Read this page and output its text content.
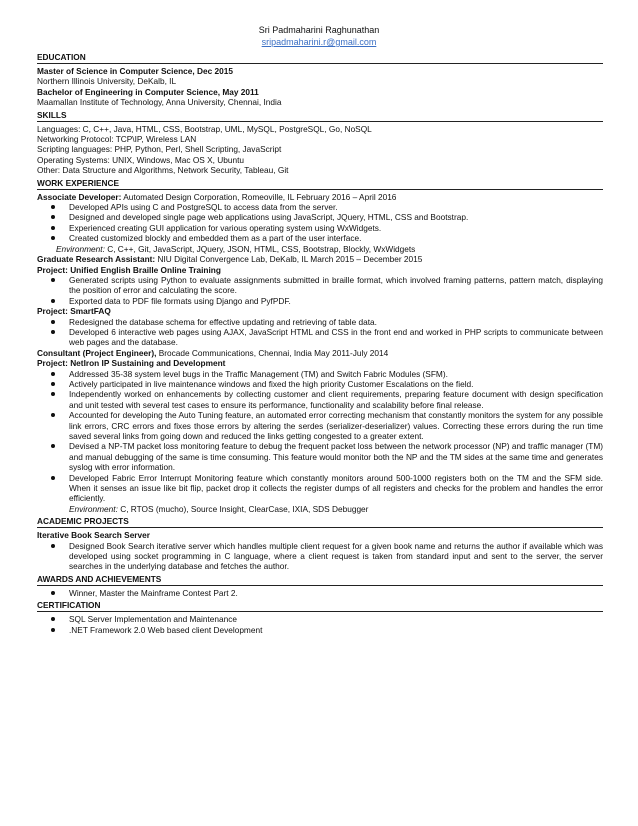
Sri Padmaharini Raghunathan
sripadmaharini.r@gmail.com
EDUCATION
Master of Science in Computer Science, Dec 2015
Northern Illinois University, DeKalb, IL
Bachelor of Engineering in Computer Science, May 2011
Maamallan Institute of Technology, Anna University, Chennai, India
SKILLS
Languages: C, C++, Java, HTML, CSS, Bootstrap, UML, MySQL, PostgreSQL, Go, NoSQL
Networking Protocol: TCP\IP, Wireless LAN
Scripting languages: PHP, Python, Perl, Shell Scripting, JavaScript
Operating Systems: UNIX, Windows, Mac OS X, Ubuntu
Other: Data Structure and Algorithms, Network Security, Tableau, Git
WORK EXPERIENCE
Associate Developer: Automated Design Corporation, Romeoville, IL February 2016 – April 2016
Developed APIs using C and PostgreSQL to access data from the server.
Designed and developed single page web applications using JavaScript, JQuery, HTML, CSS and Bootstrap.
Experienced creating GUI application for various operating system using WxWidgets.
Created customized blockly and embedded them as a part of the user interface.
Environment: C, C++, Git, JavaScript, JQuery, JSON, HTML, CSS, Bootstrap, Blockly, WxWidgets
Graduate Research Assistant: NIU Digital Convergence Lab, DeKalb, IL March 2015 – December 2015
Project: Unified English Braille Online Training
Generated scripts using Python to evaluate assignments submitted in braille format, which involved framing patterns, pattern match, displaying the position of error and calculating the score.
Exported data to PDF file formats using Django and PyfPDF.
Project: SmartFAQ
Redesigned the database schema for effective updating and retrieving of table data.
Developed 6 interactive web pages using AJAX, JavaScript HTML and CSS in the front end and worked in PHP scripts to communicate between web pages and the database.
Consultant (Project Engineer), Brocade Communications, Chennai, India May 2011-July 2014
Project: NetIron IP Sustaining and Development
Addressed 35-38 system level bugs in the Traffic Management (TM) and Switch Fabric Modules (SFM).
Actively participated in live maintenance windows and fixed the high priority Customer Escalations on the field.
Independently worked on enhancements by collecting customer and client requirements, preparing feature document with design specification and unit tested with several test cases to ensure its performance, functionality and scalability before final release.
Accounted for developing the Auto Tuning feature, an automated error correcting mechanism that constantly monitors the system for any possible link errors, CRC errors and fixes those errors by altering the serdes (serializer-deserializer) values. Correcting these errors during the run time saved several links from going down and reduced the links getting congested to a greater extent.
Devised a NP-TM packet loss monitoring feature to debug the frequent packet loss between the network processor (NP) and traffic manager (TM) and manual debugging of the same is time consuming. This feature would monitor both the NP and the TM sides at the same time and generates syslog with error information.
Developed Fabric Error Interrupt Monitoring feature which constantly monitors around 500-1000 registers both on the TM and the SFM side. When it senses an issue like bit flip, packet drop it collects the register dumps of all registers and checks for the problem and handles the error efficiently.
Environment: C, RTOS (mucho), Source Insight, ClearCase, IXIA, SDS Debugger
ACADEMIC PROJECTS
Iterative Book Search Server
Designed Book Search iterative server which handles multiple client request for a given book name and returns the author if available which was developed using socket programming in C language, where a client request is taken from standard input and sent to the server, the server searches in the underlying database and fetches the author.
AWARDS AND ACHIEVEMENTS
Winner, Master the Mainframe Contest Part 2.
CERTIFICATION
SQL Server Implementation and Maintenance
.NET Framework 2.0 Web based client Development
